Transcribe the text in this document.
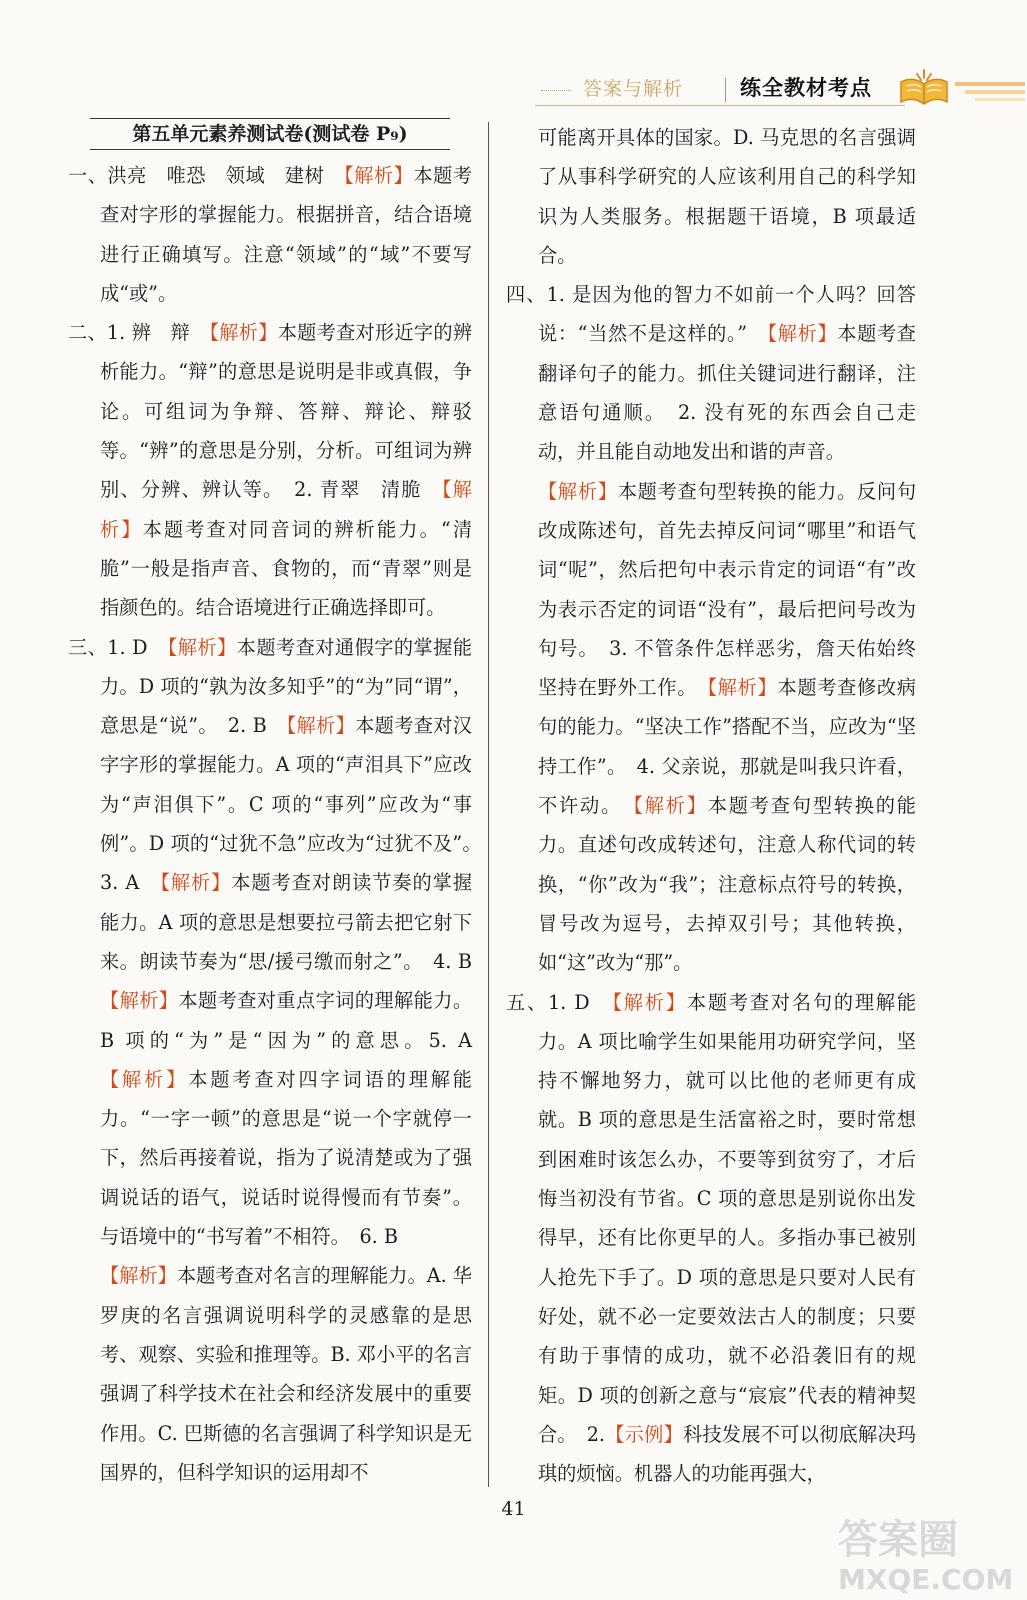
答案与解析	练全教材考点
第五单元素养测试卷(测试卷 P₉)

一、洪亮　唯恐　领域　建树　【解析】本题考查对字形的掌握能力。根据拼音，结合语境进行正确填写。注意“领域”的“域”不要写成“或”。

二、1. 辨　辩　【解析】本题考查对形近字的辨析能力。“辩”的意思是说明是非或真假，争论。可组词为争辩、答辩、辩论、辩驳等。“辨”的意思是分别，分析。可组词为辨别、分辨、辨认等。　2. 青翠　清脆　【解析】本题考查对同音词的辨析能力。“清脆”一般是指声音、食物的，而“青翠”则是指颜色的。结合语境进行正确选择即可。

三、1. D　【解析】本题考查对通假字的掌握能力。D 项的“孰为汝多知乎”的“为”同“谓”，意思是“说”。　2. B　【解析】本题考查对汉字字形的掌握能力。A 项的“声泪具下”应改为“声泪俱下”。C 项的“事列”应改为“事例”。D 项的“过犹不急”应改为“过犹不及”。　3. A　【解析】本题考查对朗读节奏的掌握能力。A 项的意思是想要拉弓箭去把它射下来。朗读节奏为“思/援弓缴而射之”。　4. B　【解析】本题考查对重点字词的理解能力。B 项的“为”是“因为”的意思。5. A　【解析】本题考查对四字词语的理解能力。“一字一顿”的意思是“说一个字就停一下，然后再接着说，指为了说清楚或为了强调说话的语气，说话时说得慢而有节奏”。与语境中的“书写着”不相符。　6. B

【解析】本题考查对名言的理解能力。A. 华罗庚的名言强调说明科学的灵感靠的是思考、观察、实验和推理等。B. 邓小平的名言强调了科学技术在社会和经济发展中的重要作用。C. 巴斯德的名言强调了科学知识是无国界的，但科学知识的运用却不

可能离开具体的国家。D. 马克思的名言强调了从事科学研究的人应该利用自己的科学知识为人类服务。根据题干语境，B 项最适合。

四、1. 是因为他的智力不如前一个人吗？回答说：“当然不是这样的。”　【解析】本题考查翻译句子的能力。抓住关键词进行翻译，注意语句通顺。　2. 没有死的东西会自己走动，并且能自动地发出和谐的声音。

【解析】本题考查句型转换的能力。反问句改成陈述句，首先去掉反问词“哪里”和语气词“呢”，然后把句中表示肯定的词语“有”改为表示否定的词语“没有”，最后把问号改为句号。　3. 不管条件怎样恶劣，詹天佑始终坚持在野外工作。　【解析】本题考查修改病句的能力。“坚决工作”搭配不当，应改为“坚持工作”。　4. 父亲说，那就是叫我只许看，不许动。　【解析】本题考查句型转换的能力。直述句改成转述句，注意人称代词的转换，“你”改为“我”；注意标点符号的转换，冒号改为逗号，去掉双引号；其他转换，如“这”改为“那”。

五、1. D　【解析】本题考查对名句的理解能力。A 项比喻学生如果能用功研究学问，坚持不懈地努力，就可以比他的老师更有成就。B 项的意思是生活富裕之时，要时常想到困难时该怎么办，不要等到贫穷了，才后悔当初没有节省。C 项的意思是别说你出发得早，还有比你更早的人。多指办事已被别人抢先下手了。D 项的意思是只要对人民有好处，就不必一定要效法古人的制度；只要有助于事情的成功，就不必沿袭旧有的规矩。D 项的创新之意与“宸宸”代表的精神契合。　2.【示例】科技发展不可以彻底解决玛琪的烦恼。机器人的功能再强大，

41
答案圈
MXQE.COM
